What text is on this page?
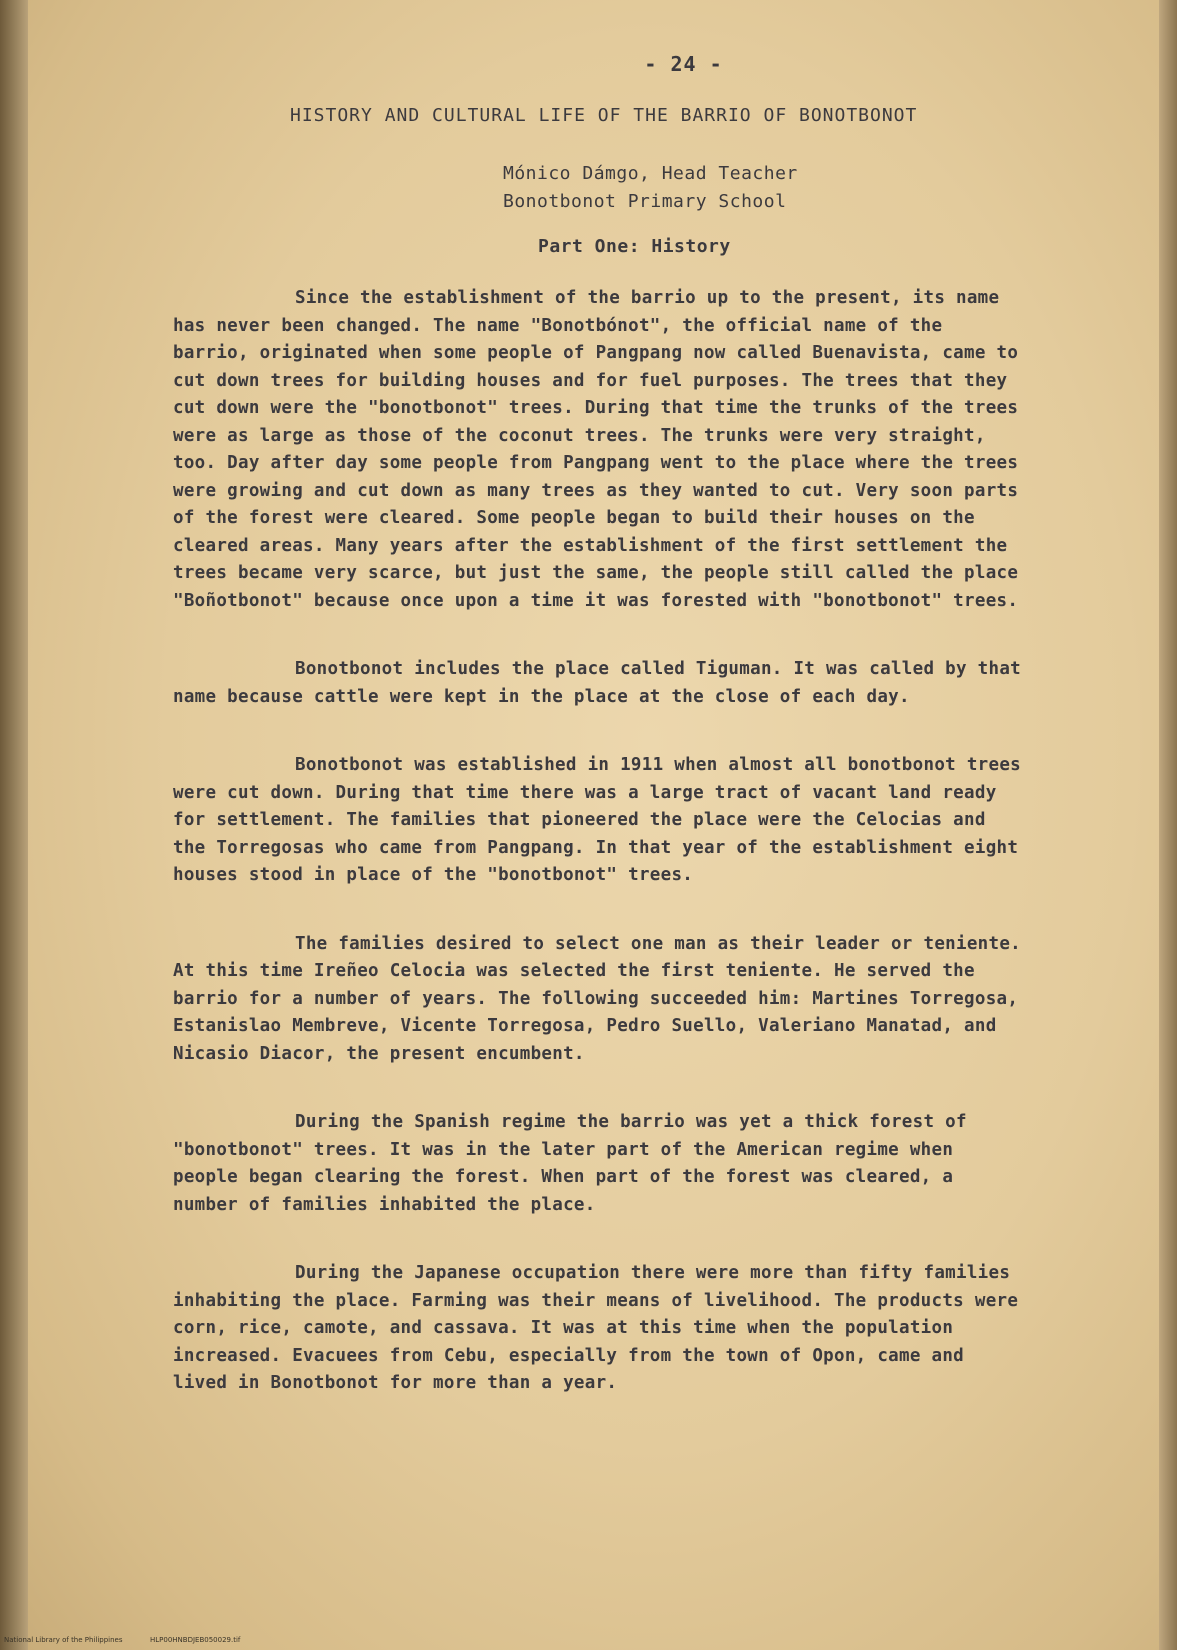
- 24 -
HISTORY AND CULTURAL LIFE OF THE BARRIO OF BONOTBONOT
Mónico Dámgo, Head Teacher
Bonotbonot Primary School
Part One: History

Since the establishment of the barrio up to the present, its name has never been changed. The name "Bonotbónot", the official name of the barrio, originated when some people of Pangpang now called Buenavista, came to cut down trees for building houses and for fuel purposes. The trees that they cut down were the "bonotbonot" trees. During that time the trunks of the trees were as large as those of the coconut trees. The trunks were very straight, too. Day after day some people from Pangpang went to the place where the trees were growing and cut down as many trees as they wanted to cut. Very soon parts of the forest were cleared. Some people began to build their houses on the cleared areas. Many years after the establishment of the first settlement the trees became very scarce, but just the same, the people still called the place "Boñotbonot" because once upon a time it was forested with "bonotbonot" trees.

Bonotbonot includes the place called Tiguman. It was called by that name because cattle were kept in the place at the close of each day.

Bonotbonot was established in 1911 when almost all bonotbonot trees were cut down. During that time there was a large tract of vacant land ready for settlement. The families that pioneered the place were the Celocias and the Torregosas who came from Pangpang. In that year of the establishment eight houses stood in place of the "bonotbonot" trees.

The families desired to select one man as their leader or teniente. At this time Ireñeo Celocia was selected the first teniente. He served the barrio for a number of years. The following succeeded him: Martines Torregosa, Estanislao Membreve, Vicente Torregosa, Pedro Suello, Valeriano Manatad, and Nicasio Diacor, the present encumbent.

During the Spanish regime the barrio was yet a thick forest of "bonotbonot" trees. It was in the later part of the American regime when people began clearing the forest. When part of the forest was cleared, a number of families inhabited the place.

During the Japanese occupation there were more than fifty families inhabiting the place. Farming was their means of livelihood. The products were corn, rice, camote, and cassava. It was at this time when the population increased. Evacuees from Cebu, especially from the town of Opon, came and lived in Bonotbonot for more than a year.

National Library of the Philippines	HLP00HNBDJEB050029.tif
